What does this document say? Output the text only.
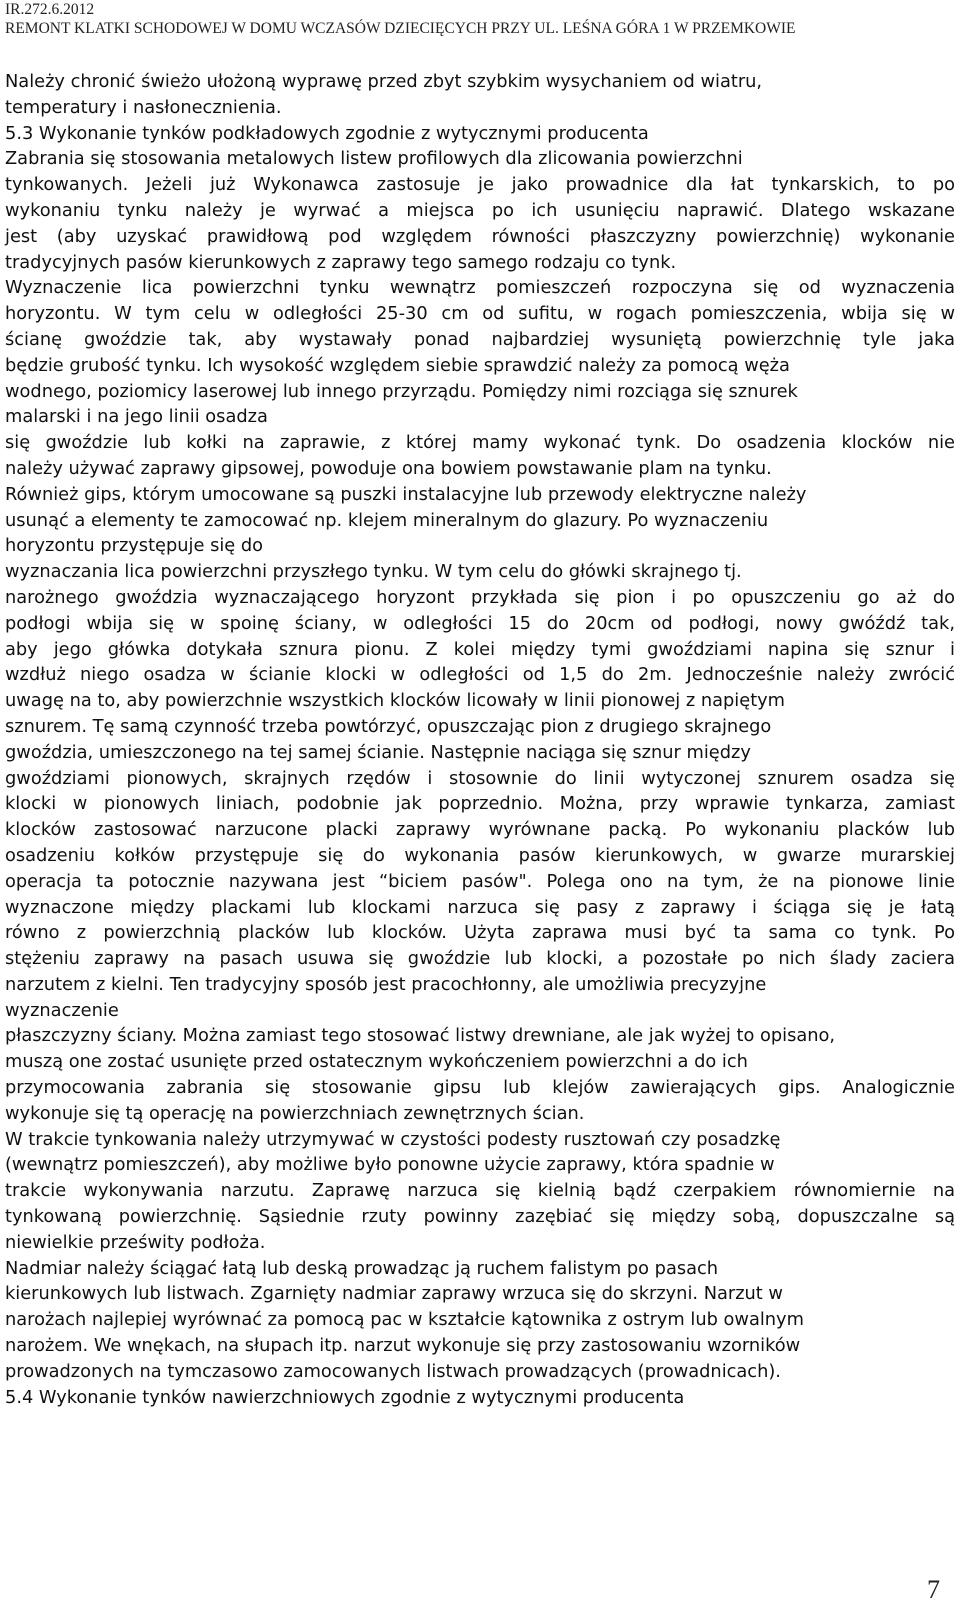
IR.272.6.2012
REMONT KLATKI SCHODOWEJ W DOMU WCZASÓW DZIECIĘCYCH PRZY UL. LEŚNA GÓRA 1 W PRZEMKOWIE
Należy chronić świeżo ułożoną wyprawę przed zbyt szybkim wysychaniem od wiatru,
temperatury i nasłonecznienia.
5.3 Wykonanie tynków podkładowych zgodnie z wytycznymi producenta
Zabrania się stosowania metalowych listew profilowych dla zlicowania powierzchni
tynkowanych. Jeżeli już Wykonawca zastosuje je jako prowadnice dla łat tynkarskich, to po
wykonaniu tynku należy je wyrwać a miejsca po ich usunięciu naprawić. Dlatego wskazane
jest (aby uzyskać prawidłową pod względem równości płaszczyzny powierzchnię) wykonanie
tradycyjnych pasów kierunkowych z zaprawy tego samego rodzaju co tynk.
Wyznaczenie lica powierzchni tynku wewnątrz pomieszczeń rozpoczyna się od wyznaczenia
horyzontu. W tym celu w odległości 25-30 cm od sufitu, w rogach pomieszczenia, wbija się w
ścianę gwoździe tak, aby wystawały ponad najbardziej wysuniętą powierzchnię tyle jaka
będzie grubość tynku. Ich wysokość względem siebie sprawdzić należy za pomocą węża
wodnego, poziomicy laserowej lub innego przyrządu. Pomiędzy nimi rozciąga się sznurek
malarski i na jego linii osadza
się gwoździe lub kołki na zaprawie, z której mamy wykonać tynk. Do osadzenia klocków nie
należy używać zaprawy gipsowej, powoduje ona bowiem powstawanie plam na tynku.
Również gips, którym umocowane są puszki instalacyjne lub przewody elektryczne należy
usunąć a elementy te zamocować np. klejem mineralnym do glazury. Po wyznaczeniu
horyzontu przystępuje się do
wyznaczania lica powierzchni przyszłego tynku. W tym celu do główki skrajnego tj.
narożnego gwoździa wyznaczającego horyzont przykłada się pion i po opuszczeniu go aż do
podłogi wbija się w spoinę ściany, w odległości 15 do 20cm od podłogi, nowy gwóźdź tak,
aby jego główka dotykała sznura pionu. Z kolei między tymi gwoździami napina się sznur i
wzdłuż niego osadza w ścianie klocki w odległości od 1,5 do 2m. Jednocześnie należy zwrócić
uwagę na to, aby powierzchnie wszystkich klocków licowały w linii pionowej z napiętym
sznurem. Tę samą czynność trzeba powtórzyć, opuszczając pion z drugiego skrajnego
gwoździa, umieszczonego na tej samej ścianie. Następnie naciąga się sznur między
gwoździami pionowych, skrajnych rzędów i stosownie do linii wytyczonej sznurem osadza się
klocki w pionowych liniach, podobnie jak poprzednio. Można, przy wprawie tynkarza, zamiast
klocków zastosować narzucone placki zaprawy wyrównane packą. Po wykonaniu placków lub
osadzeniu kołków przystępuje się do wykonania pasów kierunkowych, w gwarze murarskiej
operacja ta potocznie nazywana jest “biciem pasów". Polega ono na tym, że na pionowe linie
wyznaczone między plackami lub klockami narzuca się pasy z zaprawy i ściąga się je łatą
równo z powierzchnią placków lub klocków. Użyta zaprawa musi być ta sama co tynk. Po
stężeniu zaprawy na pasach usuwa się gwoździe lub klocki, a pozostałe po nich ślady zaciera
narzutem z kielni. Ten tradycyjny sposób jest pracochłonny, ale umożliwia precyzyjne
wyznaczenie
płaszczyzny ściany. Można zamiast tego stosować listwy drewniane, ale jak wyżej to opisano,
muszą one zostać usunięte przed ostatecznym wykończeniem powierzchni a do ich
przymocowania zabrania się stosowanie gipsu lub klejów zawierających gips. Analogicznie
wykonuje się tą operację na powierzchniach zewnętrznych ścian.
W trakcie tynkowania należy utrzymywać w czystości podesty rusztowań czy posadzkę
(wewnątrz pomieszczeń), aby możliwe było ponowne użycie zaprawy, która spadnie w
trakcie wykonywania narzutu. Zaprawę narzuca się kielnią bądź czerpakiem równomiernie na
tynkowaną powierzchnię. Sąsiednie rzuty powinny zazębiać się między sobą, dopuszczalne są
niewielkie prześwity podłoża.
Nadmiar należy ściągać łatą lub deską prowadząc ją ruchem falistym po pasach
kierunkowych lub listwach. Zgarnięty nadmiar zaprawy wrzuca się do skrzyni. Narzut w
narożach najlepiej wyrównać za pomocą pac w kształcie kątownika z ostrym lub owalnym
narożem. We wnękach, na słupach itp. narzut wykonuje się przy zastosowaniu wzorników
prowadzonych na tymczasowo zamocowanych listwach prowadzących (prowadnicach).
5.4 Wykonanie tynków nawierzchniowych zgodnie z wytycznymi producenta
7
